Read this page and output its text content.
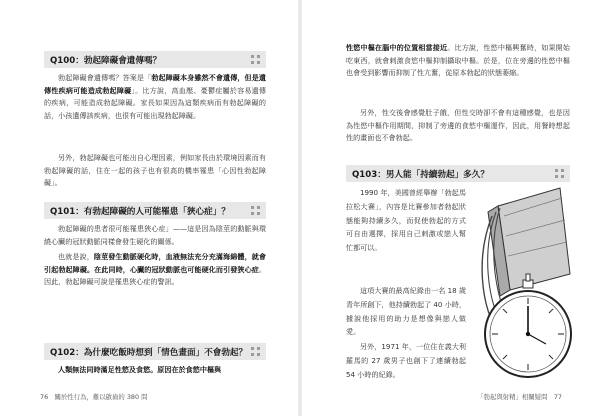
Q100：勃起障礙會遺傳嗎？

勃起障礙會遺傳嗎？答案是「勃起障礙本身雖然不會遺傳，但是遺傳性疾病可能造成勃起障礙」。比方說，高血壓、憂鬱症屬於容易遺傳的疾病，可能造成勃起障礙。家長如果因為這類疾病而有勃起障礙的話，小孩遺傳該疾病，也很有可能出現勃起障礙。

另外，勃起障礙也可能出自心理因素，例如家長由於環境因素而有勃起障礙的話，住在一起的孩子也有很高的機率罹患「心因性勃起障礙」。

Q101：有勃起障礙的人可能罹患「狹心症」？

勃起障礙的患者很可能罹患狹心症」——這是因為陰莖的動脈與環繞心臟的冠狀動脈同樣會發生硬化的關係。

也就是說，陰莖發生動脈硬化時，血液無法充分充滿海綿體，就會引起勃起障礙。在此同時，心臟的冠狀動脈也可能硬化而引發狹心症。因此，勃起障礙可說是罹患狹心症的警訊。

Q102：為什麼吃飯時想到「情色畫面」不會勃起？

人類無法同時滿足性慾及食慾。原因在於食慾中樞與

76　關於性行為，難以啟齒的 380 問

性慾中樞在腦中的位置相當接近。比方說，性慾中樞興奮時，如果開始吃東西，就會刺激食慾中樞抑制攝取中樞。於是，位在旁邊的性慾中樞也會受到影響而抑制了性亢奮，從原本勃起的狀態萎縮。

另外，性交後會感覺肚子餓，但性交時卻不會有這種感覺，也是因為性慾中樞作用期間，抑制了旁邊的食慾中樞運作，因此，用餐時想起性的畫面也不會勃起。

Q103：男人能「持續勃起」多久？

1990 年，美國曾經舉辦「勃起馬拉松大賽」，內容是比賽參加者勃起狀態能夠持續多久，而促使勃起的方式可自由選擇，採用自己刺激或戀人幫忙都可以。

這項大賽的最高紀錄由一名 18 歲青年所創下，他持續勃起了 40 小時，據說他採用的助力是想像與戀人做愛。

另外，1971 年，一位住在義大利羅馬的 27 歲男子也創下了連續勃起 54 小時的紀錄。

「勃起與射精」相關疑問　77
